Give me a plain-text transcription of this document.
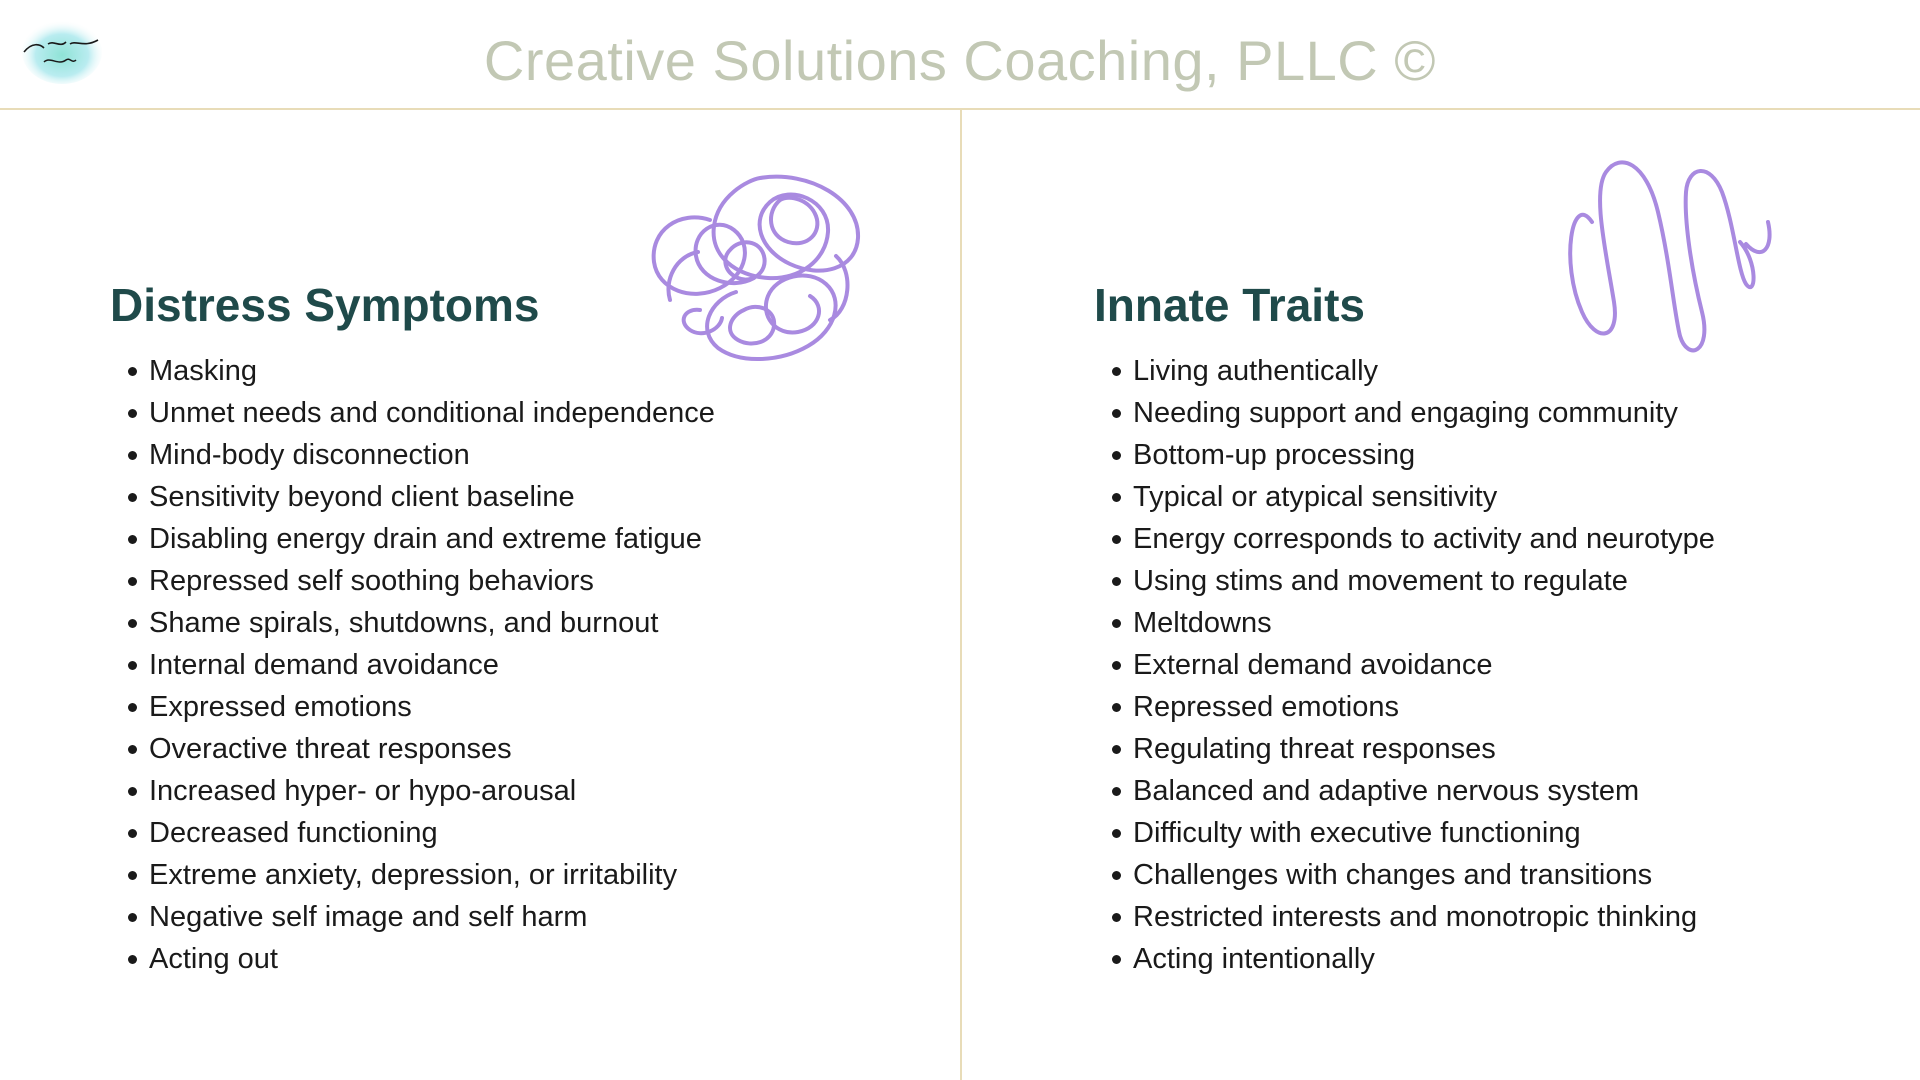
Creative Solutions Coaching, PLLC ©
Distress Symptoms
Masking
Unmet needs and conditional independence
Mind-body disconnection
Sensitivity beyond client baseline
Disabling energy drain and extreme fatigue
Repressed self soothing behaviors
Shame spirals, shutdowns, and burnout
Internal demand avoidance
Expressed emotions
Overactive threat responses
Increased hyper- or hypo-arousal
Decreased functioning
Extreme anxiety, depression, or irritability
Negative self image and self harm
Acting out
Innate Traits
Living authentically
Needing support and engaging community
Bottom-up processing
Typical or atypical sensitivity
Energy corresponds to activity and neurotype
Using stims and movement to regulate
Meltdowns
External demand avoidance
Repressed emotions
Regulating threat responses
Balanced and adaptive nervous system
Difficulty with executive functioning
Challenges with changes and transitions
Restricted interests and monotropic thinking
Acting intentionally
